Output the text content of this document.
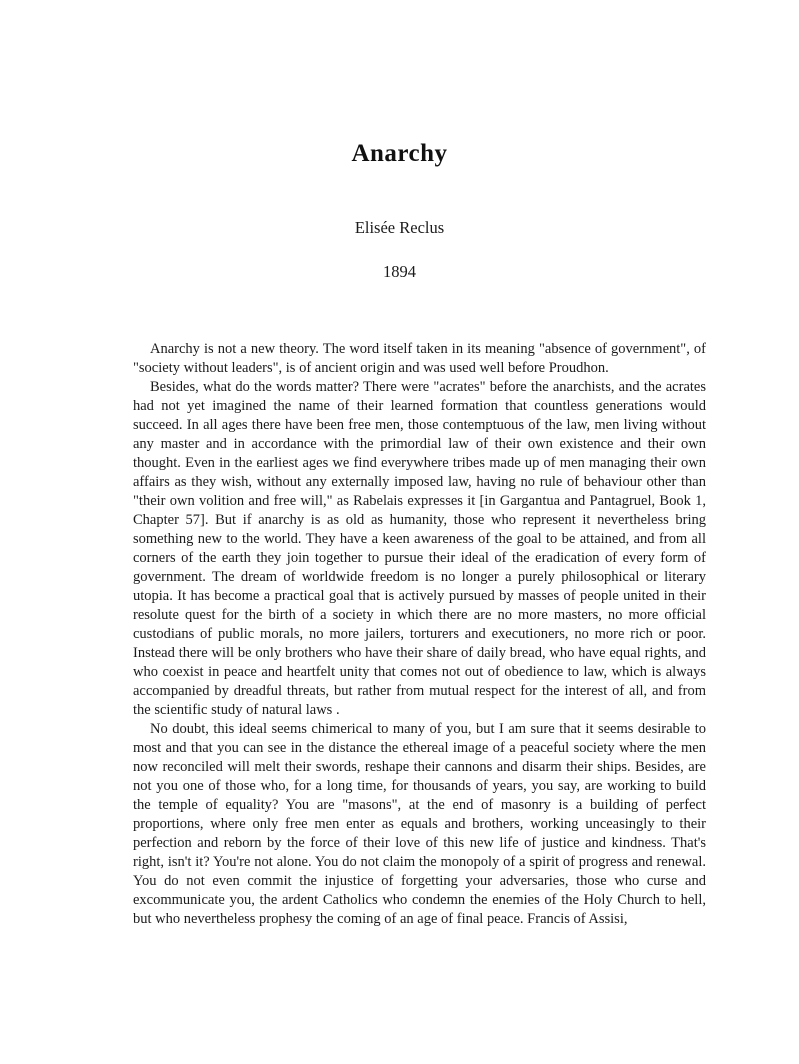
Anarchy
Elisée Reclus
1894

Anarchy is not a new theory. The word itself taken in its meaning "absence of government", of "society without leaders", is of ancient origin and was used well before Proudhon.

Besides, what do the words matter? There were "acrates" before the anarchists, and the acrates had not yet imagined the name of their learned formation that countless generations would succeed. In all ages there have been free men, those contemptuous of the law, men living without any master and in accordance with the primordial law of their own existence and their own thought. Even in the earliest ages we find everywhere tribes made up of men managing their own affairs as they wish, without any externally imposed law, having no rule of behaviour other than "their own volition and free will," as Rabelais expresses it [in Gargantua and Pantagruel, Book 1, Chapter 57]. But if anarchy is as old as humanity, those who represent it nevertheless bring something new to the world. They have a keen awareness of the goal to be attained, and from all corners of the earth they join together to pursue their ideal of the eradication of every form of government. The dream of worldwide freedom is no longer a purely philosophical or literary utopia. It has become a practical goal that is actively pursued by masses of people united in their resolute quest for the birth of a society in which there are no more masters, no more official custodians of public morals, no more jailers, torturers and executioners, no more rich or poor. Instead there will be only brothers who have their share of daily bread, who have equal rights, and who coexist in peace and heartfelt unity that comes not out of obedience to law, which is always accompanied by dreadful threats, but rather from mutual respect for the interest of all, and from the scientific study of natural laws .

No doubt, this ideal seems chimerical to many of you, but I am sure that it seems desirable to most and that you can see in the distance the ethereal image of a peaceful society where the men now reconciled will melt their swords, reshape their cannons and disarm their ships. Besides, are not you one of those who, for a long time, for thousands of years, you say, are working to build the temple of equality? You are "masons", at the end of masonry is a building of perfect proportions, where only free men enter as equals and brothers, working unceasingly to their perfection and reborn by the force of their love of this new life of justice and kindness. That's right, isn't it? You're not alone. You do not claim the monopoly of a spirit of progress and renewal. You do not even commit the injustice of forgetting your adversaries, those who curse and excommunicate you, the ardent Catholics who condemn the enemies of the Holy Church to hell, but who nevertheless prophesy the coming of an age of final peace. Francis of Assisi,
